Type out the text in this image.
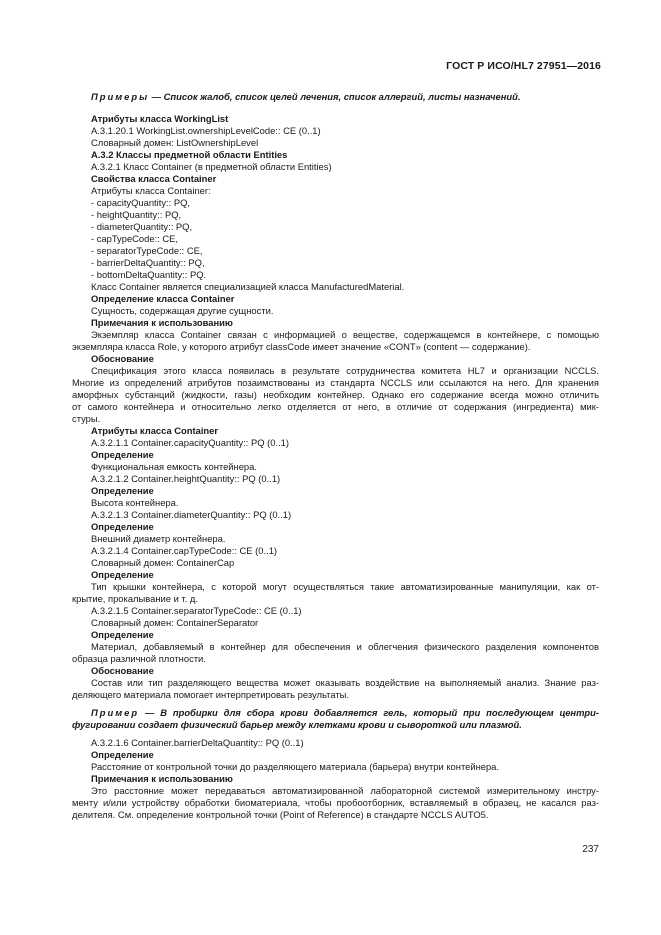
ГОСТ Р ИСО/HL7 27951—2016
Примеры — Список жалоб, список целей лечения, список аллергий, листы назначений.
Атрибуты класса WorkingList
A.3.1.20.1 WorkingList.ownershipLevelCode:: CE (0..1)
Словарный домен: ListOwnershipLevel
А.3.2 Классы предметной области Entities
А.3.2.1 Класс Container (в предметной области Entities)
Свойства класса Container
Атрибуты класса Container:
- capacityQuantity:: PQ,
- heightQuantity:: PQ,
- diameterQuantity:: PQ,
- capTypeCode:: CE,
- separatorTypeCode:: CE,
- barrierDeltaQuantity:: PQ,
- bottomDeltaQuantity:: PQ.
Класс Container является специализацией класса ManufacturedMaterial.
Определение класса Container
Сущность, содержащая другие сущности.
Примечания к использованию
Экземпляр класса Container связан с информацией о веществе, содержащемся в контейнере, с помощью
экземпляра класса Role, у которого атрибут classCode имеет значение «CONT» (content — содержание).
Обоснование
Спецификация этого класса появилась в результате сотрудничества комитета HL7 и организации NCCLS.
Многие из определений атрибутов позаимствованы из стандарта NCCLS или ссылаются на него. Для хранения
аморфных субстанций (жидкости, газы) необходим контейнер. Однако его содержание всегда можно отличить
от самого контейнера и относительно легко отделяется от него, в отличие от содержания (ингредиента) мик-
стуры.
Атрибуты класса Container
А.3.2.1.1 Container.capacityQuantity:: PQ (0..1)
Определение
Функциональная емкость контейнера.
А.3.2.1.2 Container.heightQuantity:: PQ (0..1)
Определение
Высота контейнера.
А.3.2.1.3 Container.diameterQuantity:: PQ (0..1)
Определение
Внешний диаметр контейнера.
А.3.2.1.4 Container.capTypeCode:: CE (0..1)
Словарный домен: ContainerCap
Определение
Тип крышки контейнера, с которой могут осуществляться такие автоматизированные манипуляции, как от-
крытие, прокалывание и т. д.
А.3.2.1.5 Container.separatorTypeCode:: CE (0..1)
Словарный домен: ContainerSeparator
Определение
Материал, добавляемый в контейнер для обеспечения и облегчения физического разделения компонентов
образца различной плотности.
Обоснование
Состав или тип разделяющего вещества может оказывать воздействие на выполняемый анализ. Знание раз-
деляющего материала помогает интерпретировать результаты.
Пример — В пробирки для сбора крови добавляется гель, который при последующем центри-
фугировании создает физический барьер между клетками крови и сывороткой или плазмой.
А.3.2.1.6 Container.barrierDeltaQuantity:: PQ (0..1)
Определение
Расстояние от контрольной точки до разделяющего материала (барьера) внутри контейнера.
Примечания к использованию
Это расстояние может передаваться автоматизированной лабораторной системой измерительному инстру-
менту и/или устройству обработки биоматериала, чтобы пробоотборник, вставляемый в образец, не касался раз-
делителя. См. определение контрольной точки (Point of Reference) в стандарте NCCLS AUTO5.
237
